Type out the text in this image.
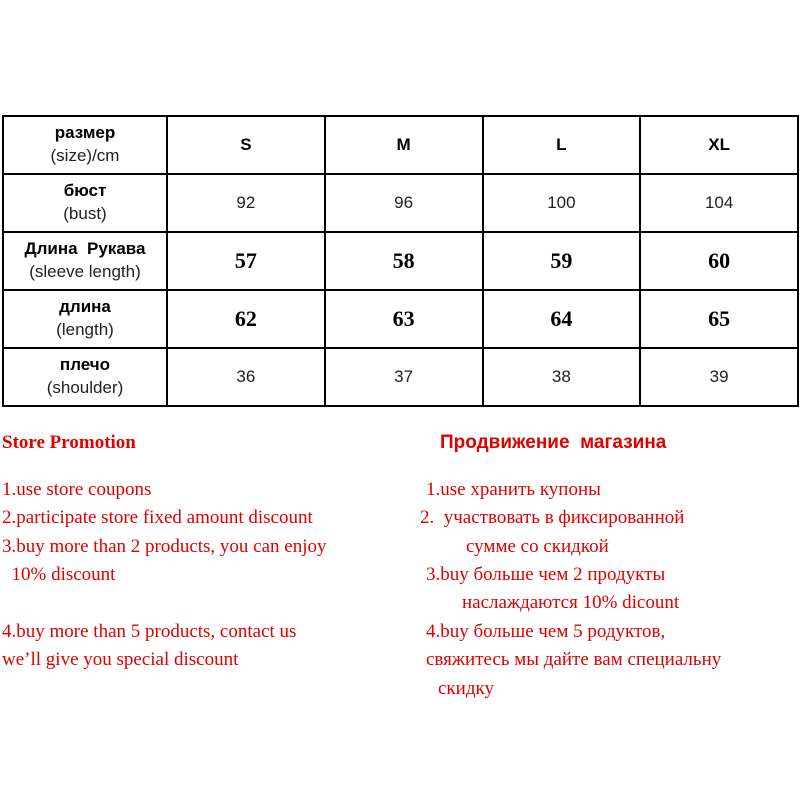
размер
(size)/cm	S	M	L	XL

бюст
(bust)	92	96	100	104

Длина  Рукава
(sleeve length)	57	58	59	60

длина
(length)	62	63	64	65

плечо
(shoulder)	36	37	38	39
Store Promotion	Продвижение  магазина
1.use store coupons
2.participate store fixed amount discount
3.buy more than 2 products, you can enjoy
10% discount
4.buy more than 5 products, contact us
we’ll give you special discount
1.use хранить купоны
2.  участвовать в фиксированной
сумме со скидкой
3.buy больше чем 2 продукты
наслаждаются 10% dicount
4.buy больше чем 5 родуктов,
свяжитесь мы дайте вам специальну
скидку
